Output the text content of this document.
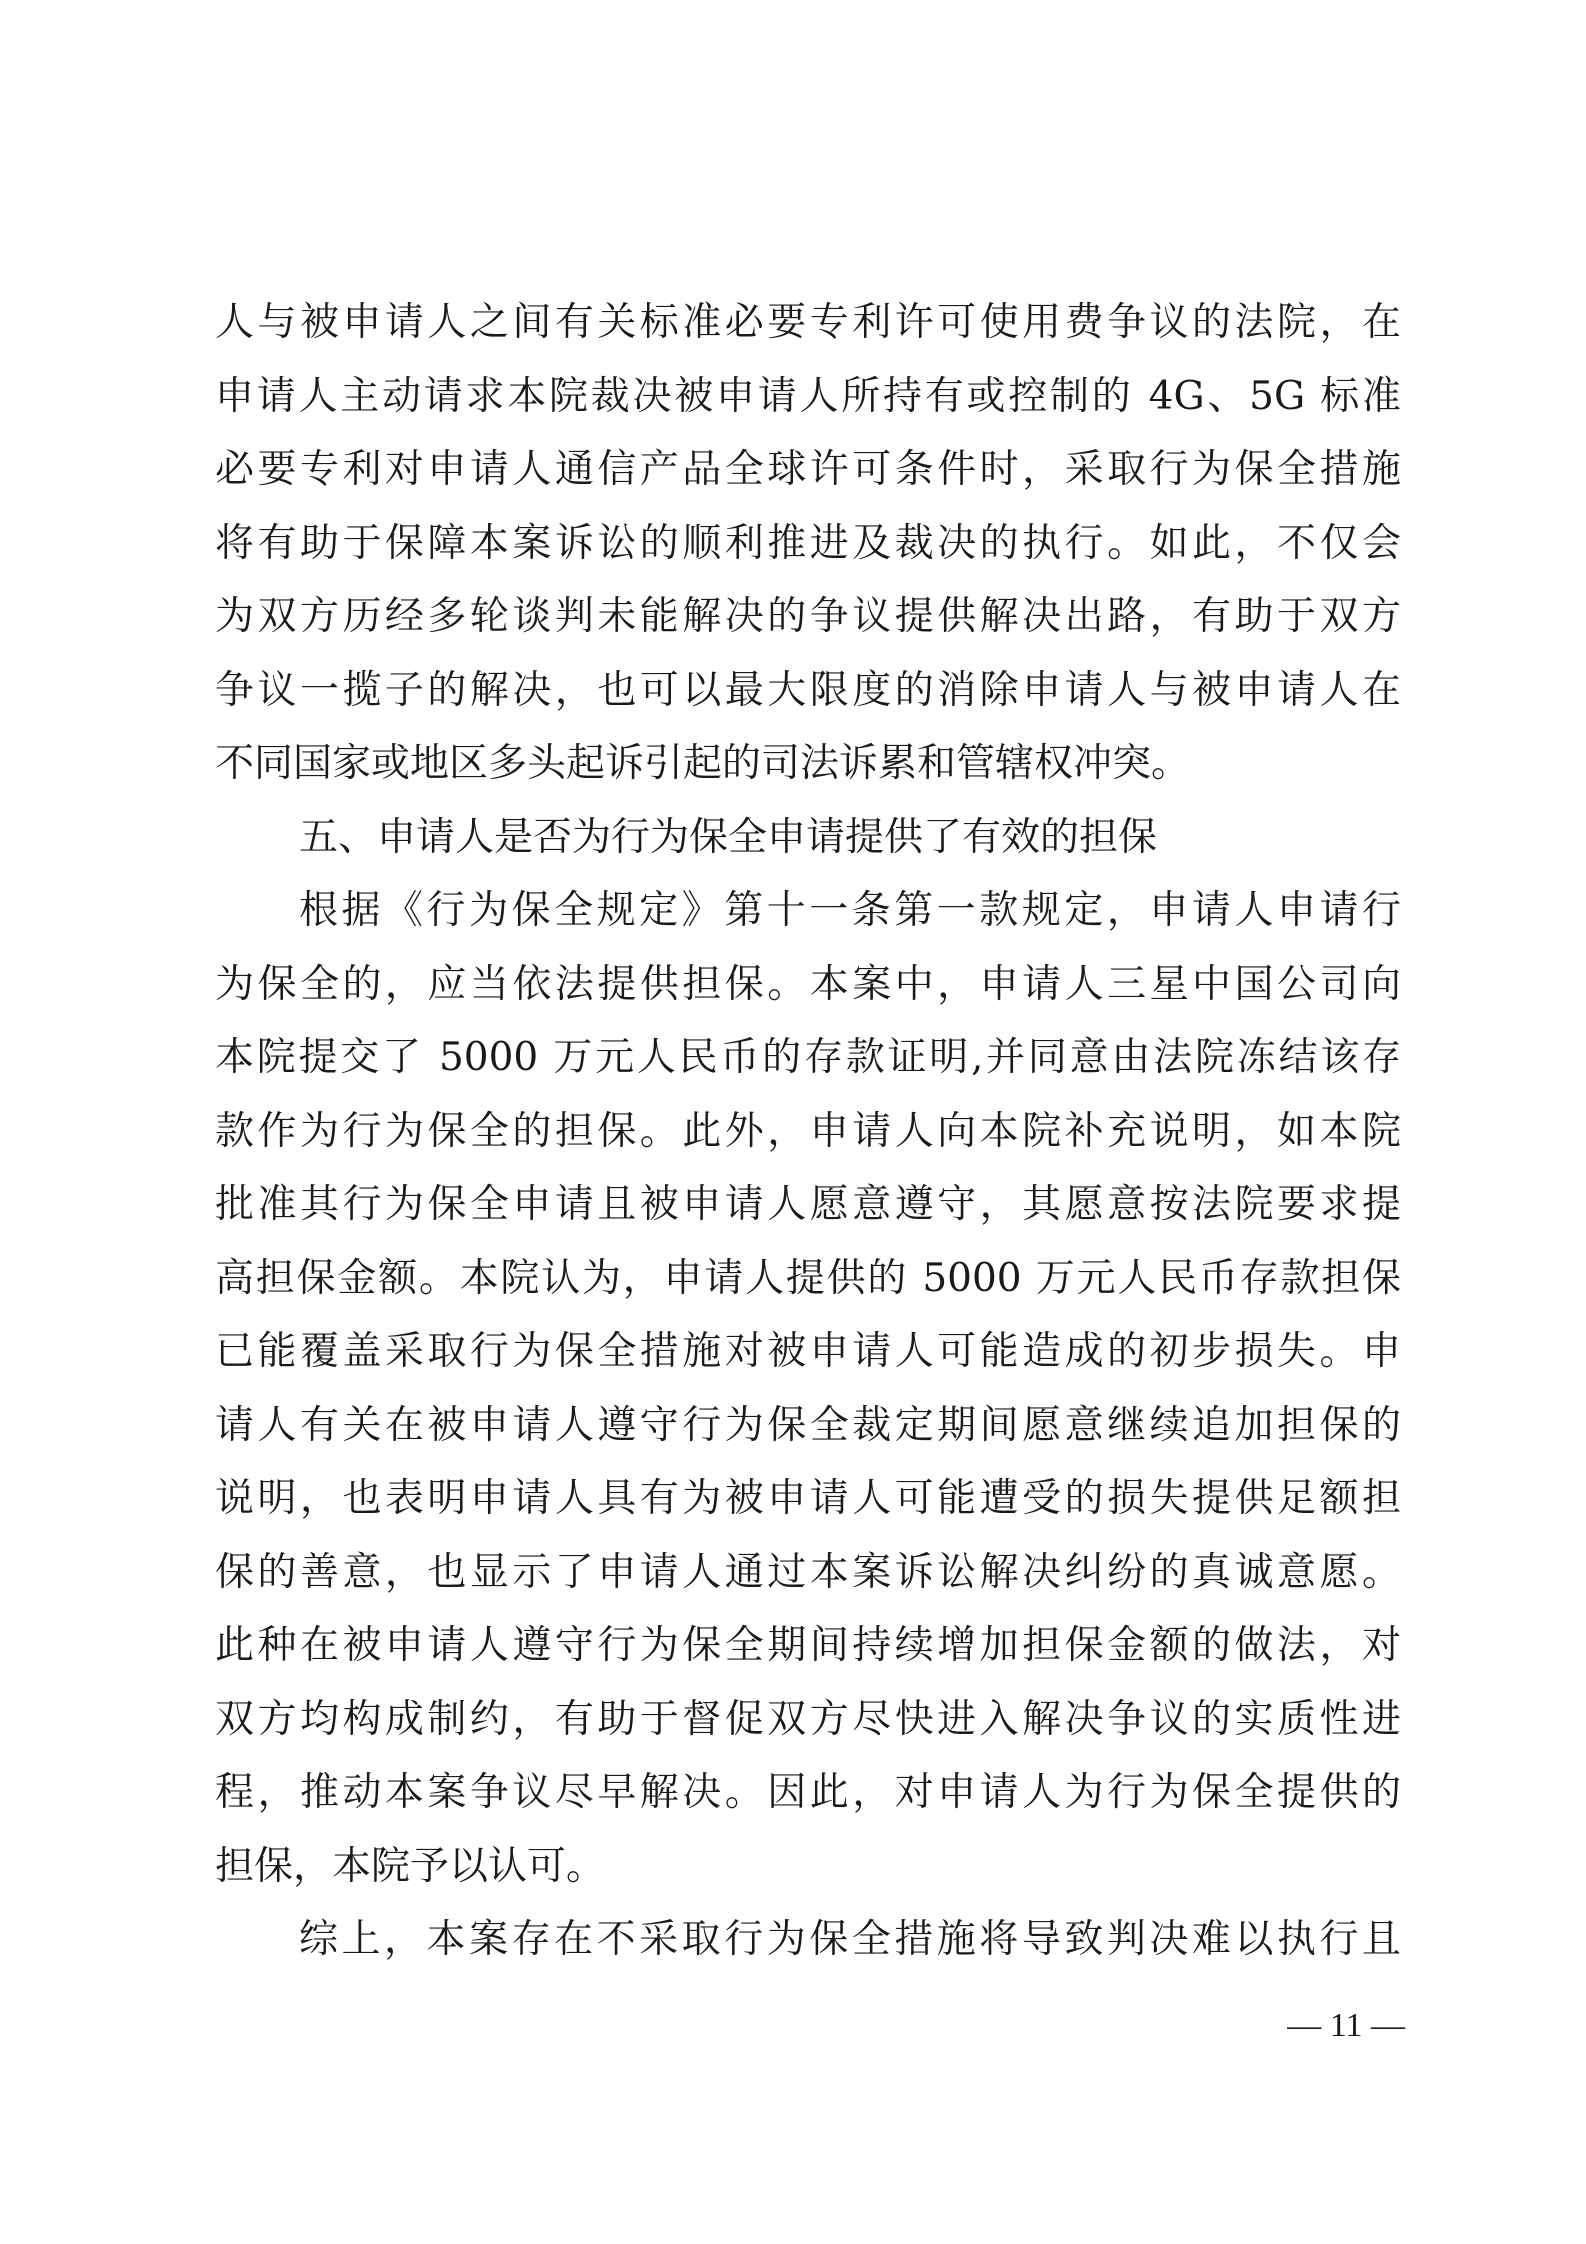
人与被申请人之间有关标准必要专利许可使用费争议的法院，在
申请人主动请求本院裁决被申请人所持有或控制的 4G、5G 标准
必要专利对申请人通信产品全球许可条件时，采取行为保全措施
将有助于保障本案诉讼的顺利推进及裁决的执行。如此，不仅会
为双方历经多轮谈判未能解决的争议提供解决出路，有助于双方
争议一揽子的解决，也可以最大限度的消除申请人与被申请人在
不同国家或地区多头起诉引起的司法诉累和管辖权冲突。
五、申请人是否为行为保全申请提供了有效的担保
根据《行为保全规定》第十一条第一款规定，申请人申请行
为保全的，应当依法提供担保。本案中，申请人三星中国公司向
本院提交了 5000 万元人民币的存款证明,并同意由法院冻结该存
款作为行为保全的担保。此外，申请人向本院补充说明，如本院
批准其行为保全申请且被申请人愿意遵守，其愿意按法院要求提
高担保金额。本院认为，申请人提供的 5000 万元人民币存款担保
已能覆盖采取行为保全措施对被申请人可能造成的初步损失。申
请人有关在被申请人遵守行为保全裁定期间愿意继续追加担保的
说明，也表明申请人具有为被申请人可能遭受的损失提供足额担
保的善意，也显示了申请人通过本案诉讼解决纠纷的真诚意愿。
此种在被申请人遵守行为保全期间持续增加担保金额的做法，对
双方均构成制约，有助于督促双方尽快进入解决争议的实质性进
程，推动本案争议尽早解决。因此，对申请人为行为保全提供的
担保，本院予以认可。
综上，本案存在不采取行为保全措施将导致判决难以执行且
— 11 —
